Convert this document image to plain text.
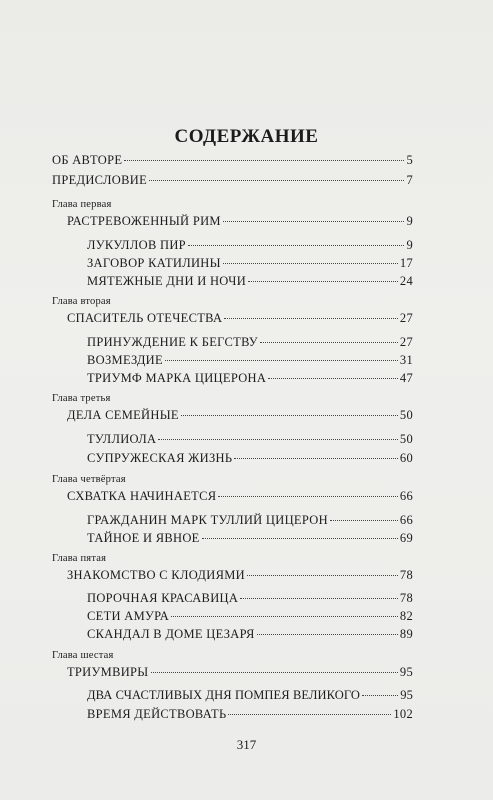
СОДЕРЖАНИЕ
ОБ АВТОРЕ	5
ПРЕДИСЛОВИЕ	7
Глава первая
РАСТРЕВОЖЕННЫЙ РИМ	9
ЛУКУЛЛОВ ПИР	9
ЗАГОВОР КАТИЛИНЫ	17
МЯТЕЖНЫЕ ДНИ И НОЧИ	24
Глава вторая
СПАСИТЕЛЬ ОТЕЧЕСТВА	27
ПРИНУЖДЕНИЕ К БЕГСТВУ	27
ВОЗМЕЗДИЕ	31
ТРИУМФ МАРКА ЦИЦЕРОНА	47
Глава третья
ДЕЛА СЕМЕЙНЫЕ	50
ТУЛЛИОЛА	50
СУПРУЖЕСКАЯ ЖИЗНЬ	60
Глава четвёртая
СХВАТКА НАЧИНАЕТСЯ	66
ГРАЖДАНИН МАРК ТУЛЛИЙ ЦИЦЕРОН	66
ТАЙНОЕ И ЯВНОЕ	69
Глава пятая
ЗНАКОМСТВО С КЛОДИЯМИ	78
ПОРОЧНАЯ КРАСАВИЦА	78
СЕТИ АМУРА	82
СКАНДАЛ В ДОМЕ ЦЕЗАРЯ	89
Глава шестая
ТРИУМВИРЫ	95
ДВА СЧАСТЛИВЫХ ДНЯ ПОМПЕЯ ВЕЛИКОГО	95
ВРЕМЯ ДЕЙСТВОВАТЬ	102
317
